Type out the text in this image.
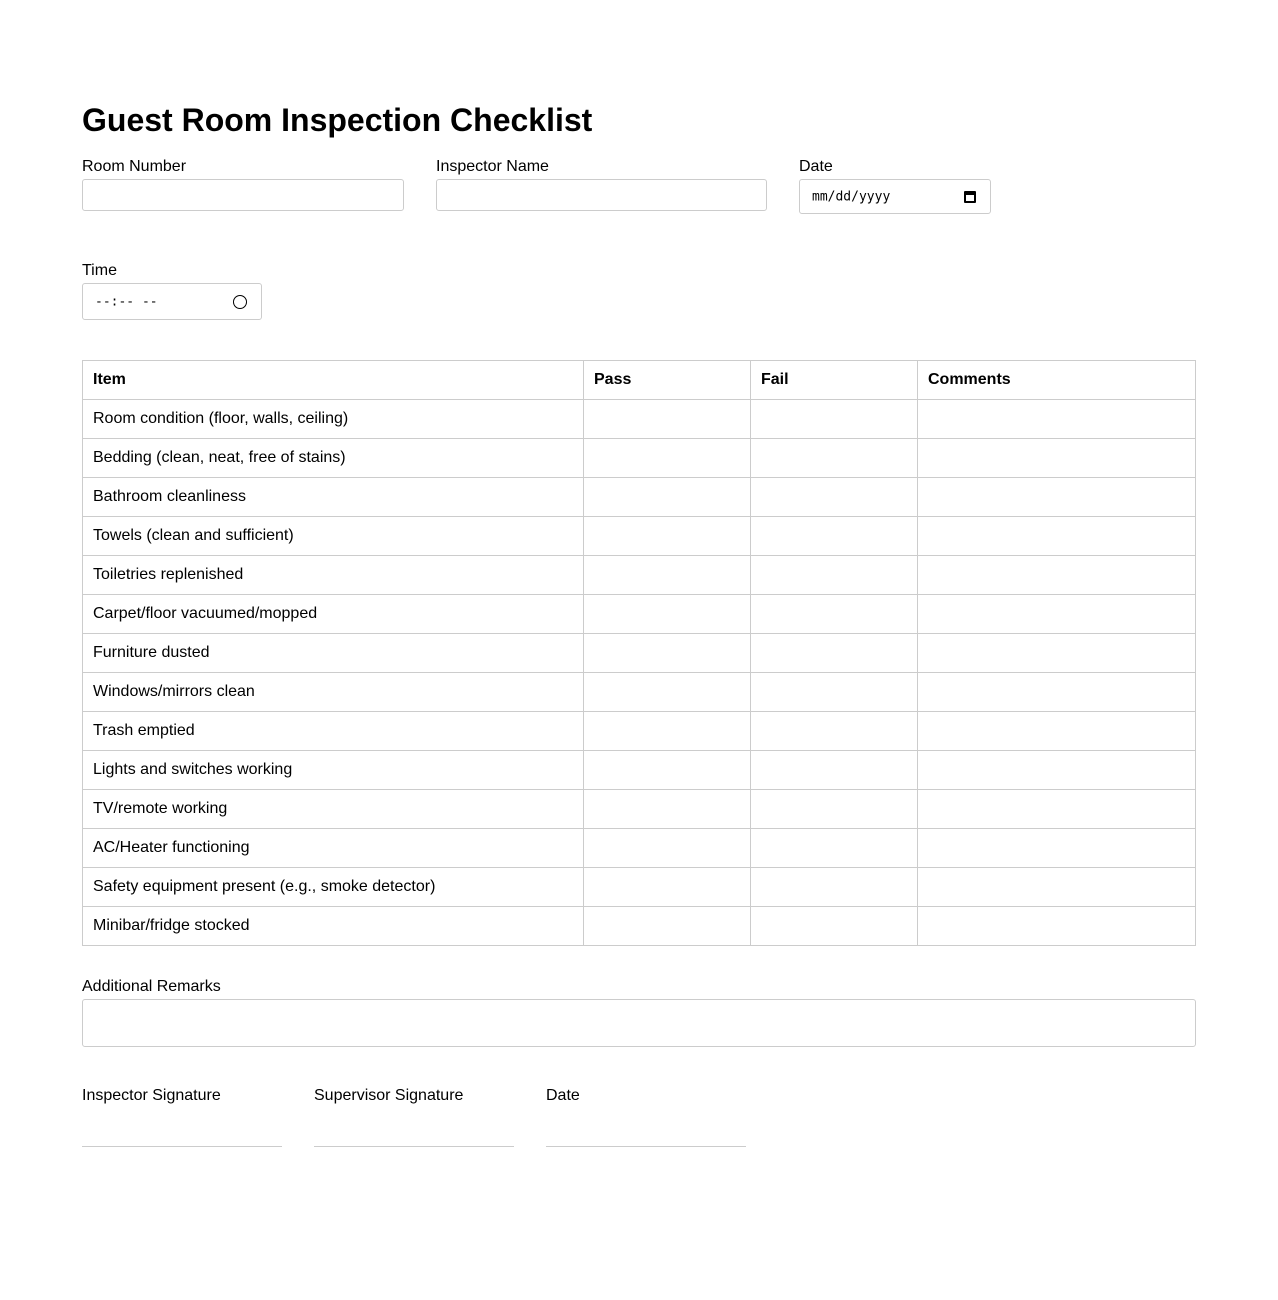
Guest Room Inspection Checklist
Room Number	Inspector Name	Date
mm/dd/yyyy
Time
--:-- --
Item	Pass	Fail	Comments
Room condition (floor, walls, ceiling)			
Bedding (clean, neat, free of stains)			
Bathroom cleanliness			
Towels (clean and sufficient)			
Toiletries replenished			
Carpet/floor vacuumed/mopped			
Furniture dusted			
Windows/mirrors clean			
Trash emptied			
Lights and switches working			
TV/remote working			
AC/Heater functioning			
Safety equipment present (e.g., smoke detector)			
Minibar/fridge stocked			
Additional Remarks
Inspector Signature	Supervisor Signature	Date
